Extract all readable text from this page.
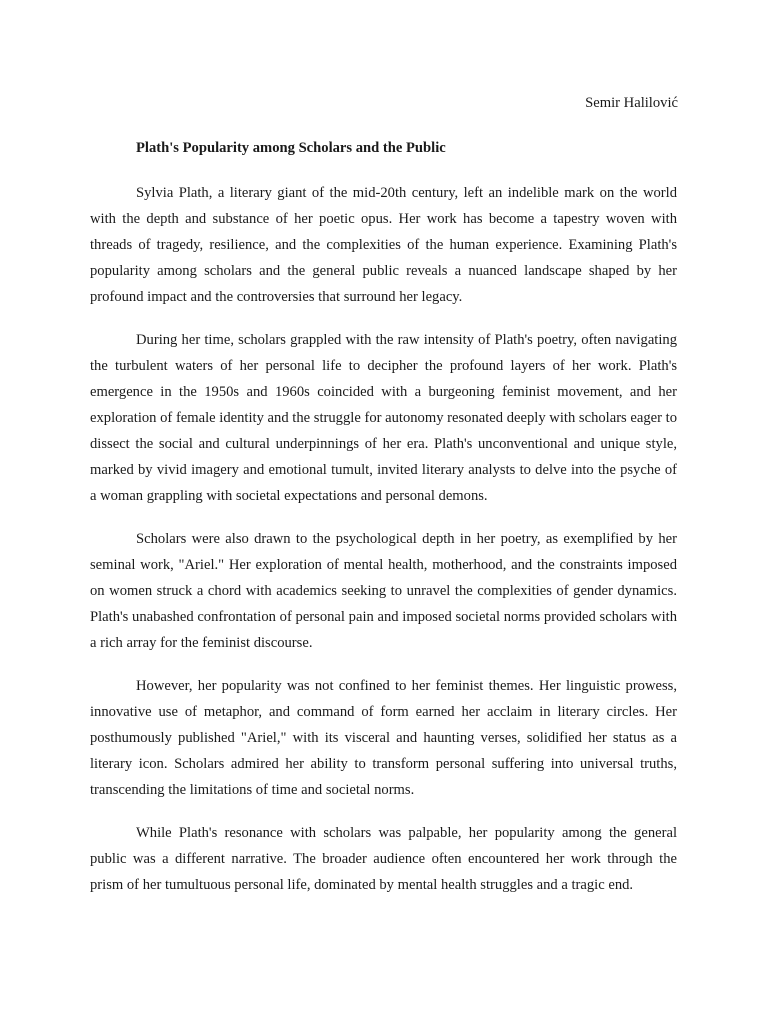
Semir Halilović

Plath's Popularity among Scholars and the Public

Sylvia Plath, a literary giant of the mid-20th century, left an indelible mark on the world with the depth and substance of her poetic opus. Her work has become a tapestry woven with threads of tragedy, resilience, and the complexities of the human experience. Examining Plath's popularity among scholars and the general public reveals a nuanced landscape shaped by her profound impact and the controversies that surround her legacy.

During her time, scholars grappled with the raw intensity of Plath's poetry, often navigating the turbulent waters of her personal life to decipher the profound layers of her work. Plath's emergence in the 1950s and 1960s coincided with a burgeoning feminist movement, and her exploration of female identity and the struggle for autonomy resonated deeply with scholars eager to dissect the social and cultural underpinnings of her era. Plath's unconventional and unique style, marked by vivid imagery and emotional tumult, invited literary analysts to delve into the psyche of a woman grappling with societal expectations and personal demons.

Scholars were also drawn to the psychological depth in her poetry, as exemplified by her seminal work, "Ariel." Her exploration of mental health, motherhood, and the constraints imposed on women struck a chord with academics seeking to unravel the complexities of gender dynamics. Plath's unabashed confrontation of personal pain and imposed societal norms provided scholars with a rich array for the feminist discourse.

However, her popularity was not confined to her feminist themes. Her linguistic prowess, innovative use of metaphor, and command of form earned her acclaim in literary circles. Her posthumously published "Ariel," with its visceral and haunting verses, solidified her status as a literary icon. Scholars admired her ability to transform personal suffering into universal truths, transcending the limitations of time and societal norms.

While Plath's resonance with scholars was palpable, her popularity among the general public was a different narrative. The broader audience often encountered her work through the prism of her tumultuous personal life, dominated by mental health struggles and a tragic end.
